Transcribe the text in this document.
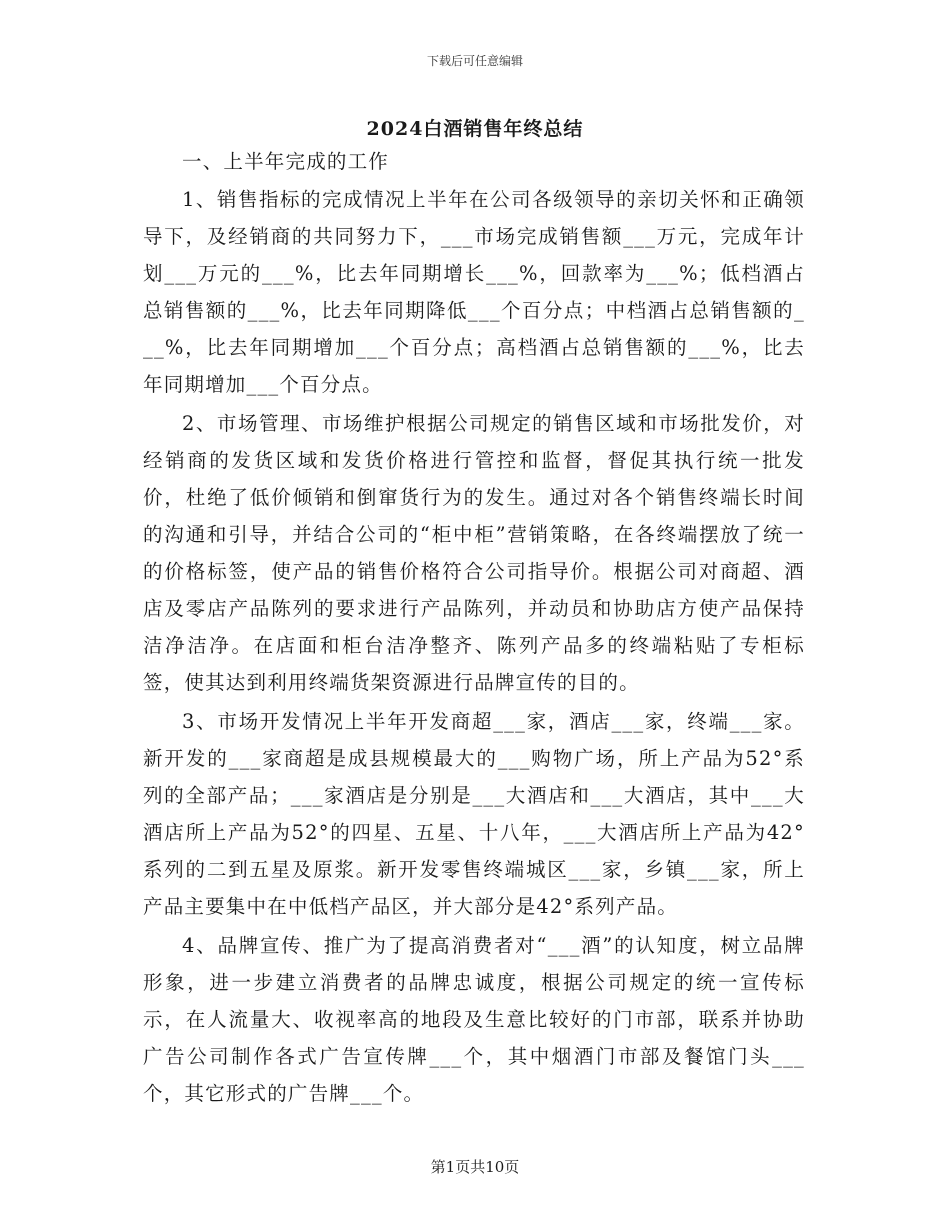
下载后可任意编辑
2024白酒销售年终总结

一、上半年完成的工作

1、销售指标的完成情况上半年在公司各级领导的亲切关怀和正确领导下，及经销商的共同努力下，___市场完成销售额___万元，完成年计划___万元的___%，比去年同期增长___%，回款率为___%；低档酒占总销售额的___%，比去年同期降低___个百分点；中档酒占总销售额的___%，比去年同期增加___个百分点；高档酒占总销售额的___%，比去年同期增加___个百分点。

2、市场管理、市场维护根据公司规定的销售区域和市场批发价，对经销商的发货区域和发货价格进行管控和监督，督促其执行统一批发价，杜绝了低价倾销和倒窜货行为的发生。通过对各个销售终端长时间的沟通和引导，并结合公司的“柜中柜”营销策略，在各终端摆放了统一的价格标签，使产品的销售价格符合公司指导价。根据公司对商超、酒店及零店产品陈列的要求进行产品陈列，并动员和协助店方使产品保持洁净洁净。在店面和柜台洁净整齐、陈列产品多的终端粘贴了专柜标签，使其达到利用终端货架资源进行品牌宣传的目的。

3、市场开发情况上半年开发商超___家，酒店___家，终端___家。新开发的___家商超是成县规模最大的___购物广场，所上产品为52°系列的全部产品；___家酒店是分别是___大酒店和___大酒店，其中___大酒店所上产品为52°的四星、五星、十八年，___大酒店所上产品为42°系列的二到五星及原浆。新开发零售终端城区___家，乡镇___家，所上产品主要集中在中低档产品区，并大部分是42°系列产品。

4、品牌宣传、推广为了提高消费者对“___酒”的认知度，树立品牌形象，进一步建立消费者的品牌忠诚度，根据公司规定的统一宣传标示，在人流量大、收视率高的地段及生意比较好的门市部，联系并协助广告公司制作各式广告宣传牌___个，其中烟酒门市部及餐馆门头___个，其它形式的广告牌___个。

第1页共10页
